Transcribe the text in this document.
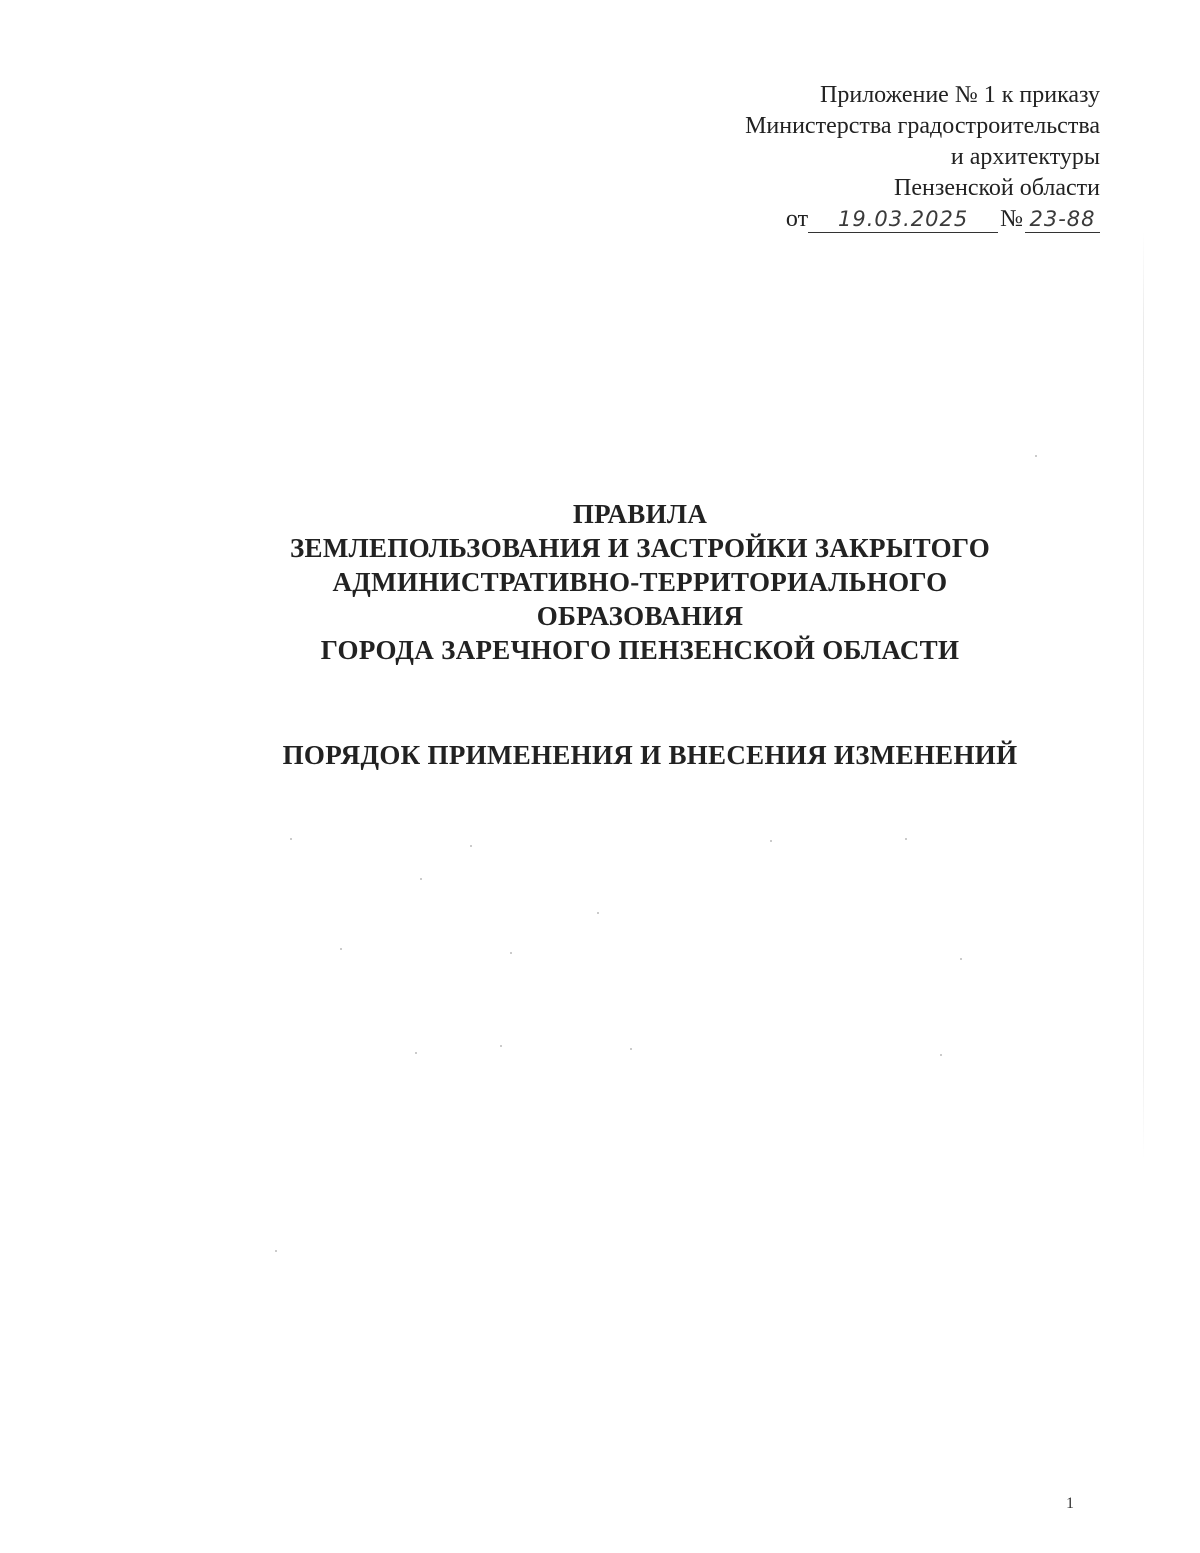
Приложение № 1 к приказу
Министерства градостроительства
и архитектуры
Пензенской области
от 19.03.2025 № 23-88
ПРАВИЛА
ЗЕМЛЕПОЛЬЗОВАНИЯ И ЗАСТРОЙКИ ЗАКРЫТОГО
АДМИНИСТРАТИВНО-ТЕРРИТОРИАЛЬНОГО
ОБРАЗОВАНИЯ
ГОРОДА ЗАРЕЧНОГО ПЕНЗЕНСКОЙ ОБЛАСТИ
ПОРЯДОК ПРИМЕНЕНИЯ И ВНЕСЕНИЯ ИЗМЕНЕНИЙ
1
